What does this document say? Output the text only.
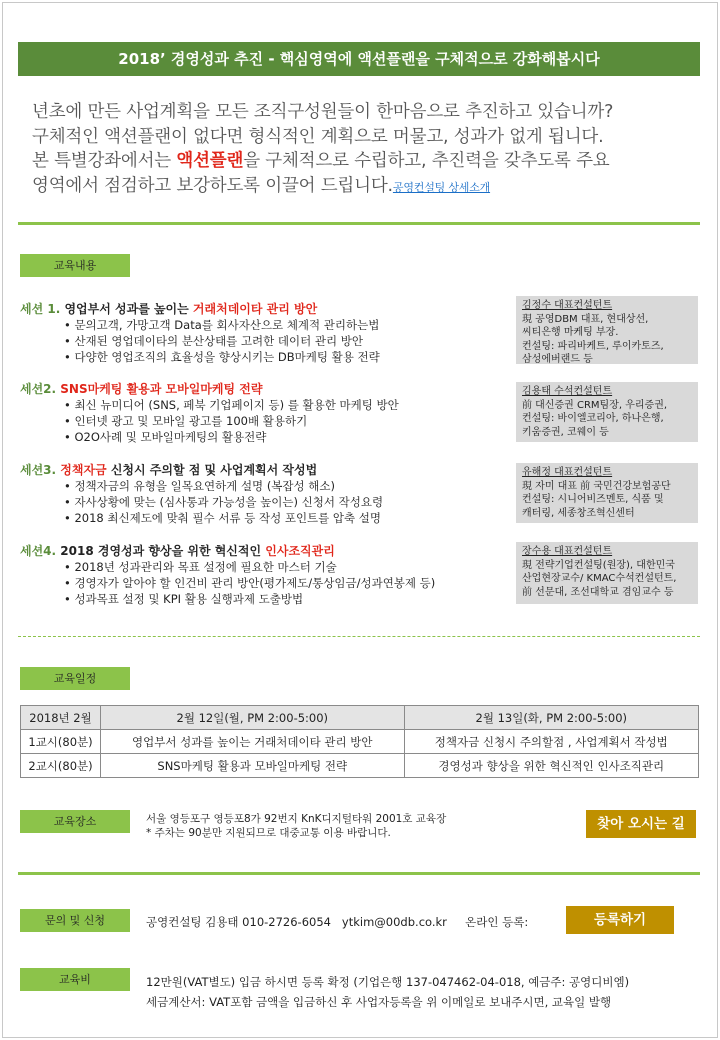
2018’ 경영성과 추진 - 핵심영역에 액션플랜을 구체적으로 강화해봅시다
년초에 만든 사업계획을 모든 조직구성원들이 한마음으로 추진하고 있습니까?
구체적인 액션플랜이 없다면 형식적인 계획으로 머물고, 성과가 없게 됩니다.
본 특별강좌에서는 액션플랜을 구체적으로 수립하고, 추진력을 갖추도록 주요
영역에서 점검하고 보강하도록 이끌어 드립니다.공영컨설팅 상세소개
교육내용
세션 1. 영업부서 성과를 높이는 거래처데이타 관리 방안
• 문의고객, 가망고객 Data를 회사자산으로 체계적 관리하는법
• 산재된 영업데이타의 분산상태를 고려한 데이터 관리 방안
• 다양한 영업조직의 효율성을 향상시키는 DB마케팅 활용 전략
김정수 대표컨설턴트
現 공영DBM 대표, 현대상선,
씨티은행 마케팅 부장.
컨설팅: 파리바케트, 루이카토즈,
삼성에버랜드 등
세션2. SNS마케팅 활용과 모바일마케팅 전략
• 최신 뉴미디어 (SNS, 페북 기업페이지 등) 를 활용한 마케팅 방안
• 인터넷 광고 및 모바일 광고를 100배 활용하기
• O2O사례 및 모바일마케팅의 활용전략
김용태 수석컨설턴트
前 대신증권 CRM팀장, 우리증권,
컨설팅: 바이엘코리아, 하나은행,
키움증권, 코웨이 등
세션3. 정책자금 신청시 주의할 점 및 사업계획서 작성법
• 정책자금의 유형을 일목요연하게 설명 (복잡성 해소)
• 자사상황에 맞는 (심사통과 가능성을 높이는) 신청서 작성요령
• 2018 최신제도에 맞춰 필수 서류 등 작성 포인트를 압축 설명
유해정 대표컨설턴트
現 자미 대표 前 국민건강보험공단
컨설팅: 시니어비즈멘토, 식품 및
캐터링, 세종창조혁신센터
세션4. 2018 경영성과 향상을 위한 혁신적인 인사조직관리
• 2018년 성과관리와 목표 설정에 필요한 마스터 기술
• 경영자가 알아야 할 인건비 관리 방안(평가제도/통상임금/성과연봉제 등)
• 성과목표 설정 및 KPI 활용 실행과제 도출방법
장수용 대표컨설턴트
現 전략기업컨설팅(원장), 대한민국
산업현장교수/ KMAC수석컨설턴트,
前 선문대, 조선대학교 겸임교수 등
교육일정
2018년 2월	2월 12일(월, PM 2:00-5:00)	2월 13일(화, PM 2:00-5:00)
1교시(80분)	영업부서 성과를 높이는 거래처데이타 관리 방안	정책자금 신청시 주의할점 , 사업계획서 작성법
2교시(80분)	SNS마케팅 활용과 모바일마케팅 전략	경영성과 향상을 위한 혁신적인 인사조직관리
교육장소	서울 영등포구 영등포8가 92번지 KnK디지털타워 2001호 교육장
* 주차는 90분만 지원되므로 대중교통 이용 바랍니다.
찾아 오시는 길
문의 및 신청	공영컨설팅 김용태 010-2726-6054   ytkim@00db.co.kr     온라인 등록:	등록하기
교육비	12만원(VAT별도) 입금 하시면 등록 확정 (기업은행 137-047462-04-018, 예금주: 공영디비엠)
세금계산서: VAT포함 금액을 입금하신 후 사업자등록을 위 이메일로 보내주시면, 교육일 발행
